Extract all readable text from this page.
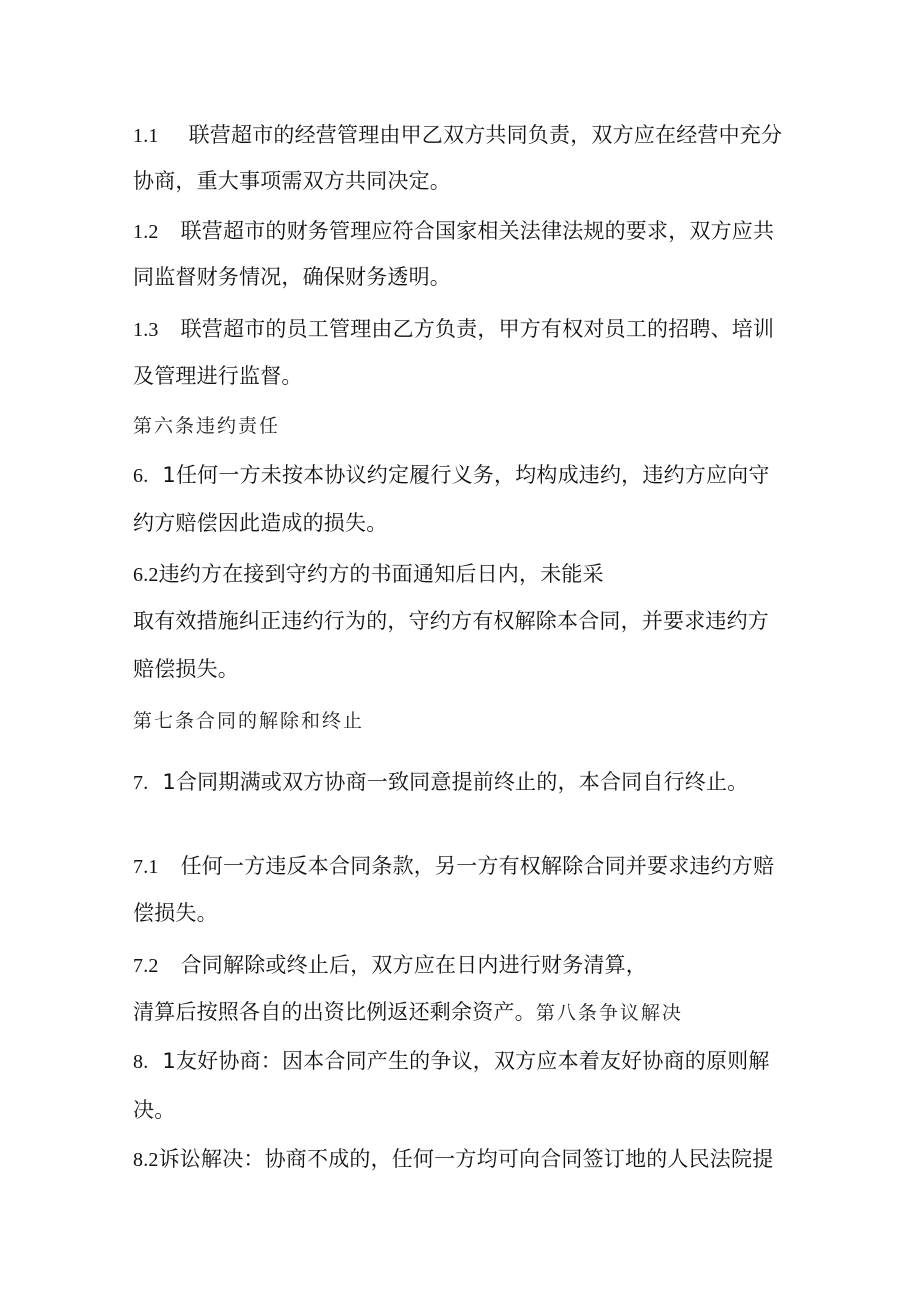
1.1 联营超市的经营管理由甲乙双方共同负责，双方应在经营中充分
协商，重大事项需双方共同决定。
1.2 联营超市的财务管理应符合国家相关法律法规的要求，双方应共
同监督财务情况，确保财务透明。
1.3 联营超市的员工管理由乙方负责，甲方有权对员工的招聘、培训
及管理进行监督。
第六条违约责任
6. 1任何一方未按本协议约定履行义务，均构成违约，违约方应向守
约方赔偿因此造成的损失。
6.2违约方在接到守约方的书面通知后日内，未能采
取有效措施纠正违约行为的，守约方有权解除本合同，并要求违约方
赔偿损失。
第七条合同的解除和终止
7. 1合同期满或双方协商一致同意提前终止的，本合同自行终止。
7.1 任何一方违反本合同条款，另一方有权解除合同并要求违约方赔
偿损失。
7.2 合同解除或终止后，双方应在日内进行财务清算，
清算后按照各自的出资比例返还剩余资产。第八条争议解决
8. 1友好协商：因本合同产生的争议，双方应本着友好协商的原则解
决。
8.2诉讼解决：协商不成的，任何一方均可向合同签订地的人民法院提
